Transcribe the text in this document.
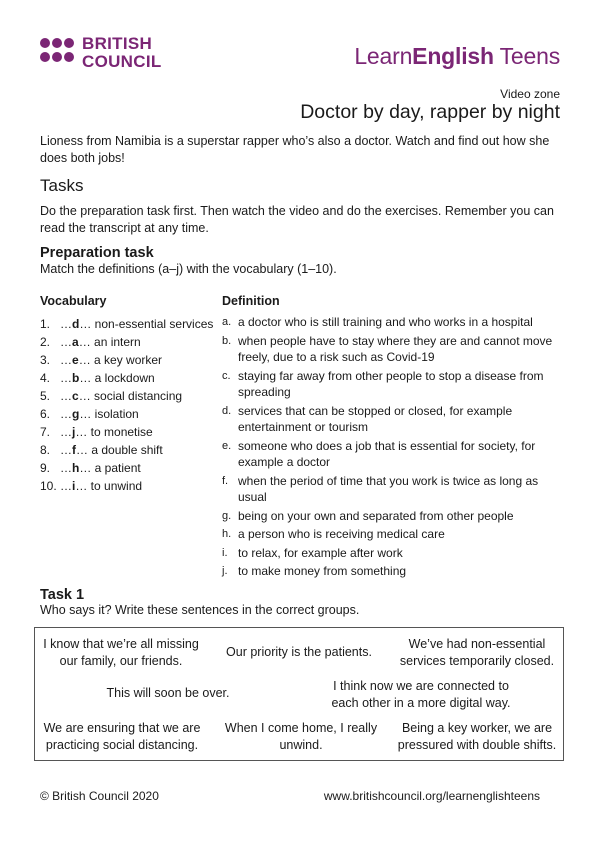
BRITISH
COUNCIL	LearnEnglish Teens
Video zone
Doctor by day, rapper by night
Lioness from Namibia is a superstar rapper who’s also a doctor. Watch and find out how she does both jobs!
Tasks
Do the preparation task first. Then watch the video and do the exercises. Remember you can read the transcript at any time.
Preparation task
Match the definitions (a–j) with the vocabulary (1–10).
Vocabulary	Definition
1. …d… non-essential services
2. …a… an intern
3. …e… a key worker
4. …b… a lockdown
5. …c… social distancing
6. …g… isolation
7. …j… to monetise
8. …f… a double shift
9. …h… a patient
10. …i… to unwind
a. a doctor who is still training and who works in a hospital
b. when people have to stay where they are and cannot move freely, due to a risk such as Covid-19
c. staying far away from other people to stop a disease from spreading
d. services that can be stopped or closed, for example entertainment or tourism
e. someone who does a job that is essential for society, for example a doctor
f. when the period of time that you work is twice as long as usual
g. being on your own and separated from other people
h. a person who is receiving medical care
i. to relax, for example after work
j. to make money from something
Task 1
Who says it? Write these sentences in the correct groups.
I know that we’re all missing our family, our friends.
Our priority is the patients.
We’ve had non-essential services temporarily closed.
This will soon be over.	I think now we are connected to each other in a more digital way.
We are ensuring that we are practicing social distancing.
When I come home, I really unwind.
Being a key worker, we are pressured with double shifts.
© British Council 2020	www.britishcouncil.org/learnenglishteens
